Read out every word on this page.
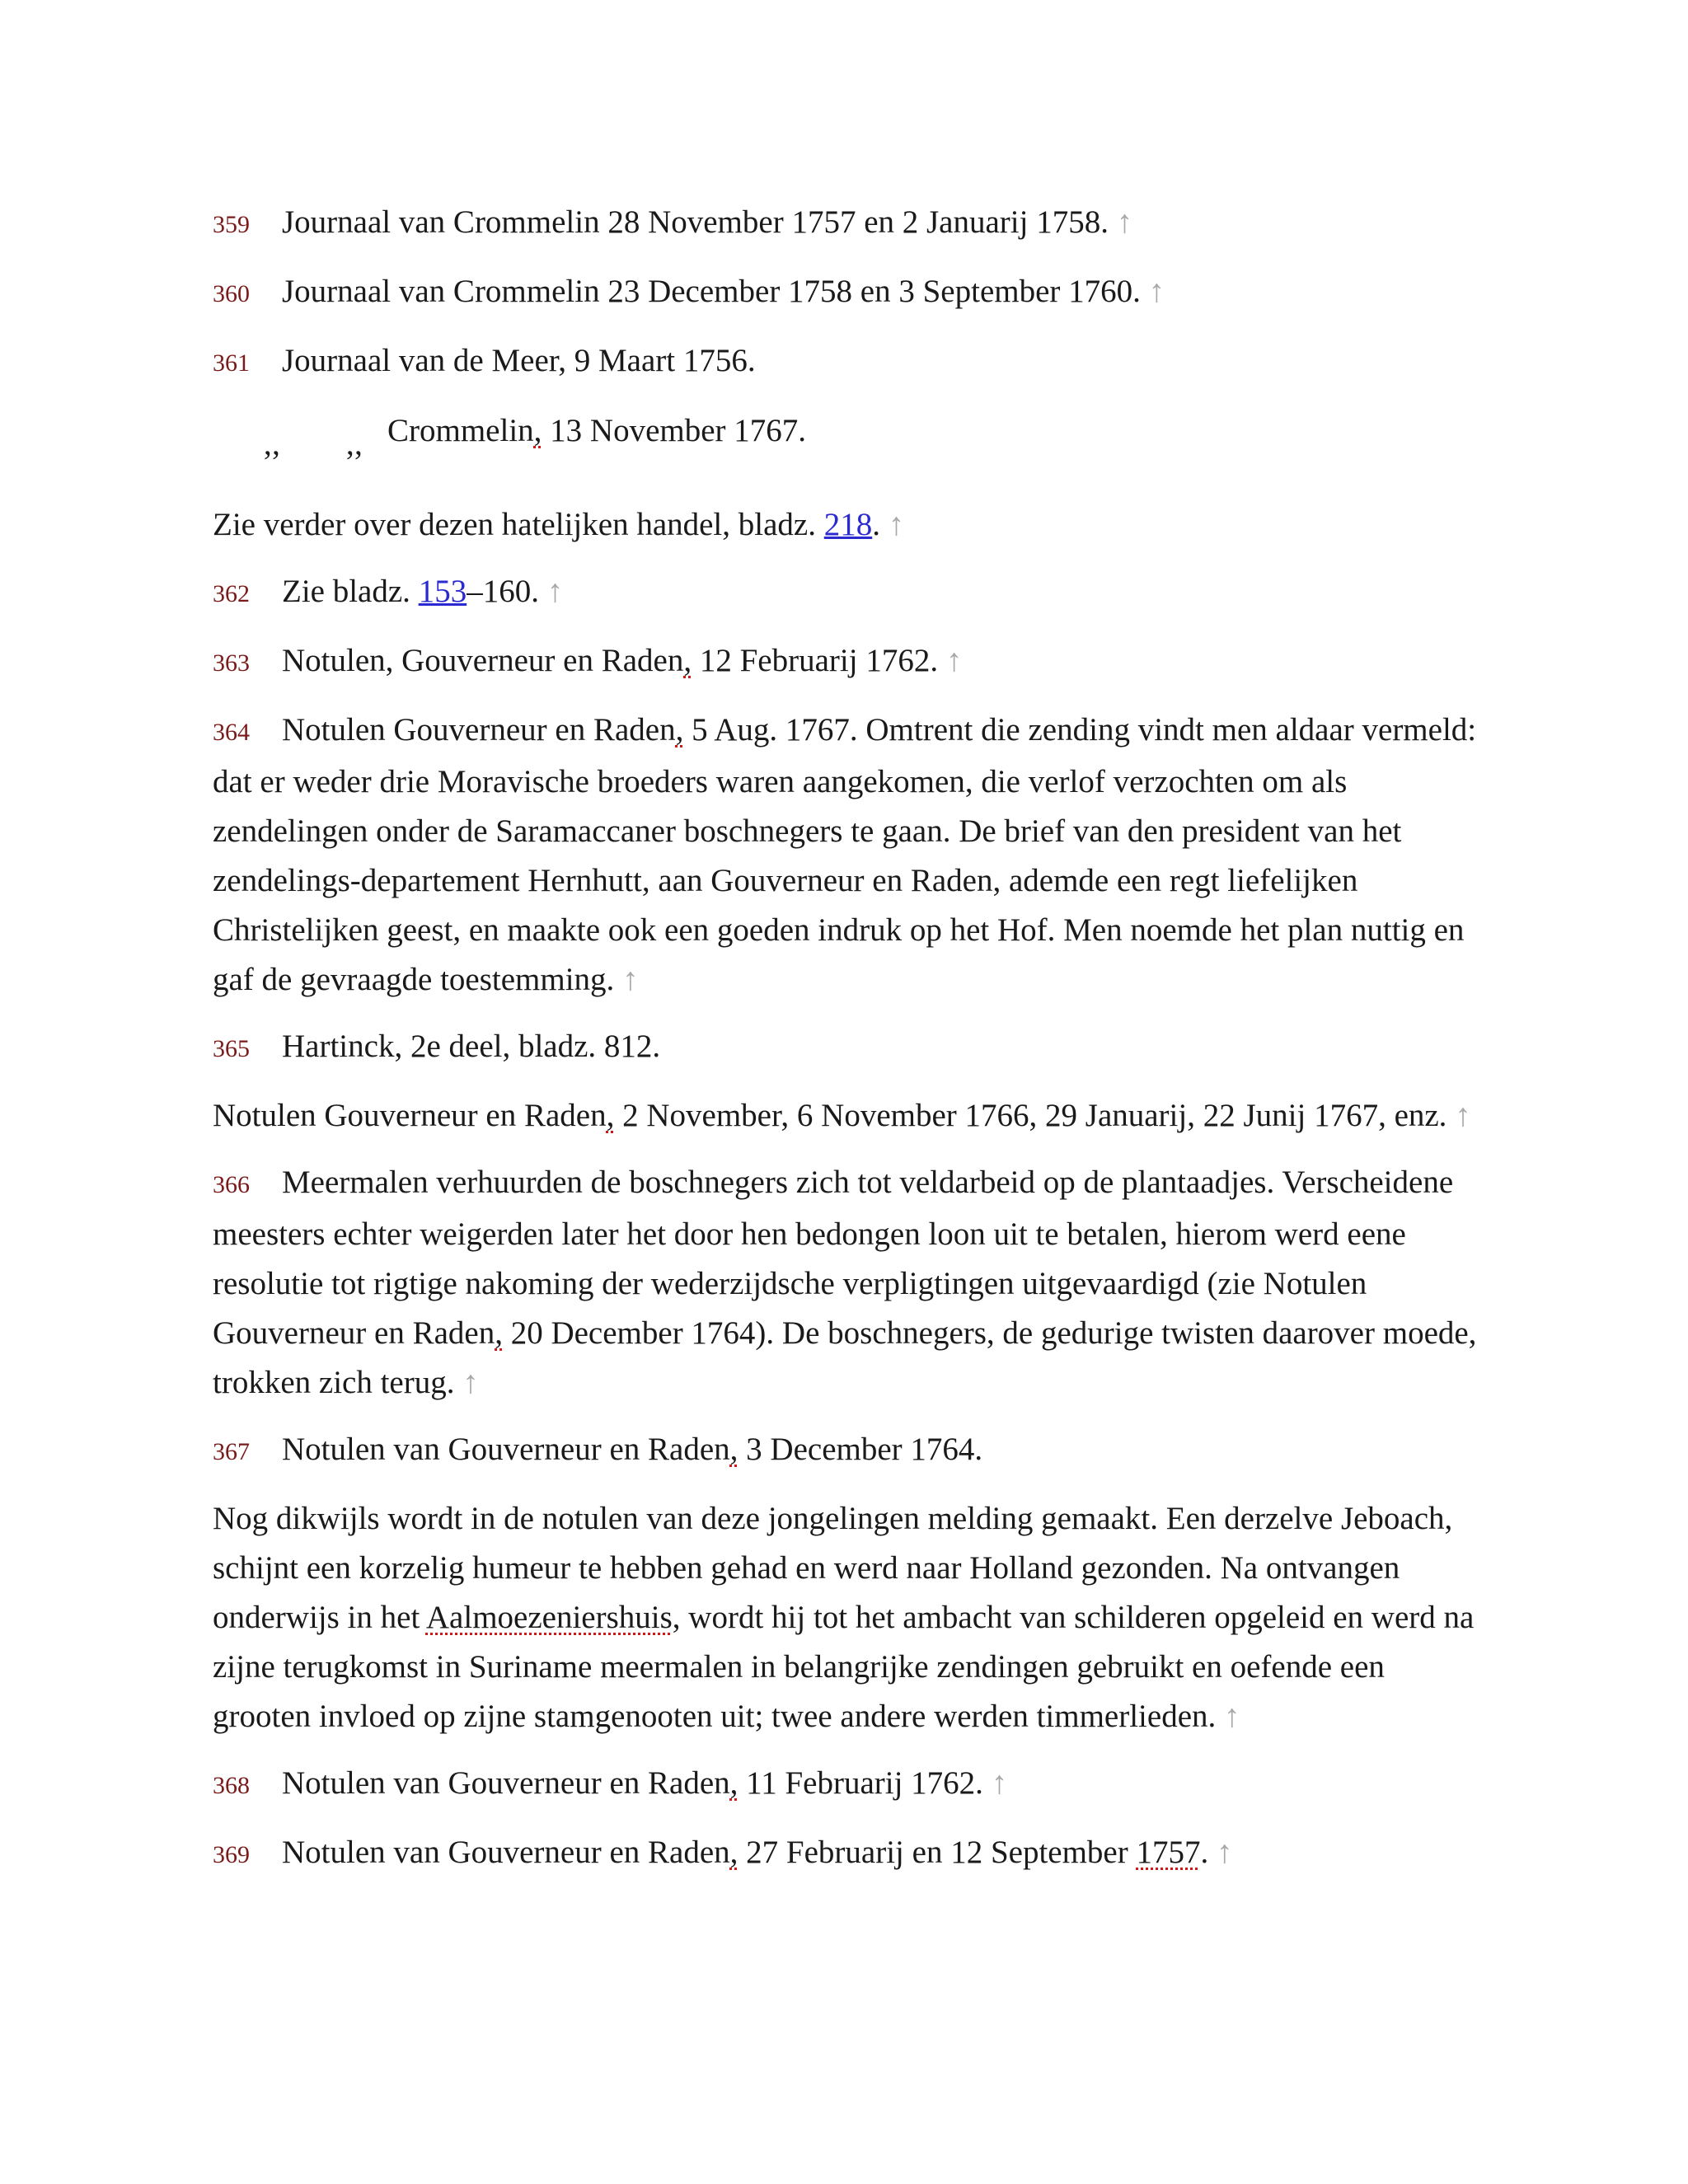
359 Journaal van Crommelin 28 November 1757 en 2 Januarij 1758. ↑

360 Journaal van Crommelin 23 December 1758 en 3 September 1760. ↑

361 Journaal van de Meer, 9 Maart 1756.

’’ ’’
Crommelin, 13 November 1767.

Zie verder over dezen hatelijken handel, bladz. 218. ↑

362 Zie bladz. 153–160. ↑

363 Notulen, Gouverneur en Raden, 12 Februarij 1762. ↑

364 Notulen Gouverneur en Raden, 5 Aug. 1767. Omtrent die zending vindt men aldaar vermeld: dat er weder drie Moravische broeders waren aangekomen, die verlof verzochten om als zendelingen onder de Saramaccaner boschnegers te gaan. De brief van den president van het zendelings-departement Hernhutt, aan Gouverneur en Raden, ademde een regt liefelijken Christelijken geest, en maakte ook een goeden indruk op het Hof. Men noemde het plan nuttig en gaf de gevraagde toestemming. ↑

365 Hartinck, 2e deel, bladz. 812.

Notulen Gouverneur en Raden, 2 November, 6 November 1766, 29 Januarij, 22 Junij 1767, enz. ↑

366 Meermalen verhuurden de boschnegers zich tot veldarbeid op de plantaadjes. Verscheidene meesters echter weigerden later het door hen bedongen loon uit te betalen, hierom werd eene resolutie tot rigtige nakoming der wederzijdsche verpligtingen uitgevaardigd (zie Notulen Gouverneur en Raden, 20 December 1764). De boschnegers, de gedurige twisten daarover moede, trokken zich terug. ↑

367 Notulen van Gouverneur en Raden, 3 December 1764.

Nog dikwijls wordt in de notulen van deze jongelingen melding gemaakt. Een derzelve Jeboach, schijnt een korzelig humeur te hebben gehad en werd naar Holland gezonden. Na ontvangen onderwijs in het Aalmoezeniershuis, wordt hij tot het ambacht van schilderen opgeleid en werd na zijne terugkomst in Suriname meermalen in belangrijke zendingen gebruikt en oefende een grooten invloed op zijne stamgenooten uit; twee andere werden timmerlieden. ↑

368 Notulen van Gouverneur en Raden, 11 Februarij 1762. ↑

369 Notulen van Gouverneur en Raden, 27 Februarij en 12 September 1757. ↑
